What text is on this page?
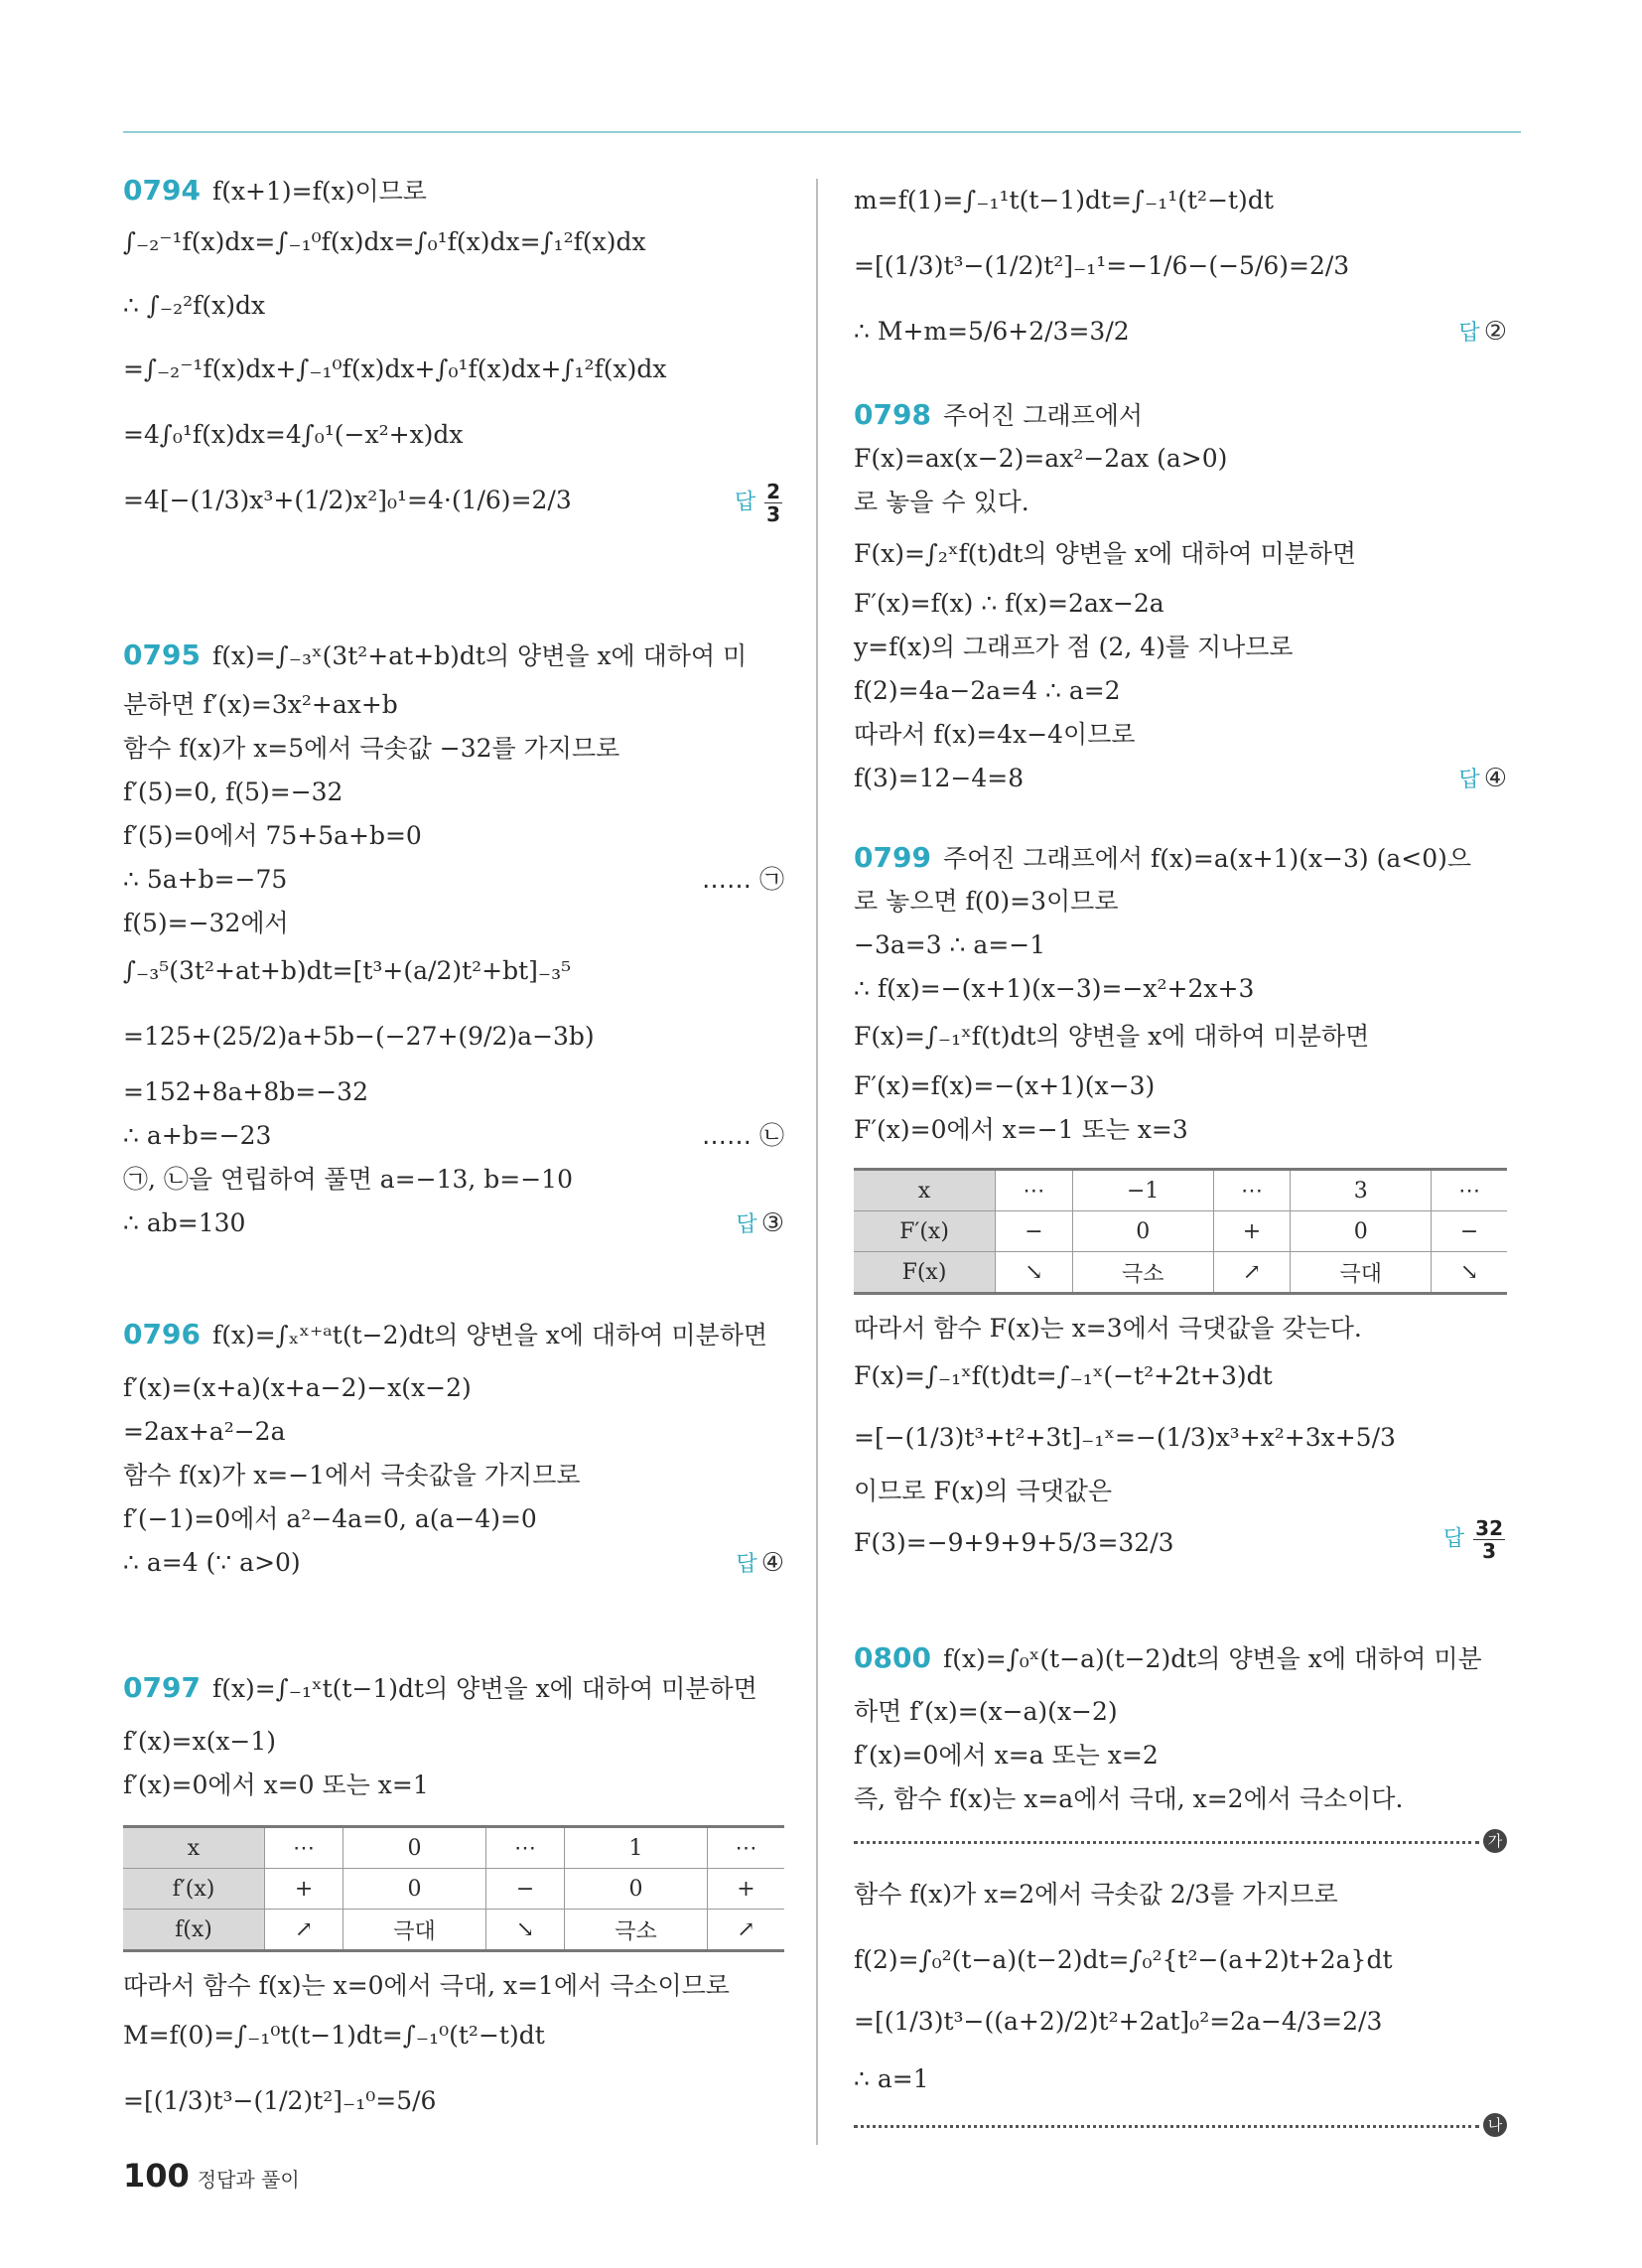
0794 f(x+1)=f(x)이므로
∫₋₂⁻¹f(x)dx=∫₋₁⁰f(x)dx=∫₀¹f(x)dx=∫₁²f(x)dx
∴ ∫₋₂²f(x)dx
=∫₋₂⁻¹f(x)dx+∫₋₁⁰f(x)dx+∫₀¹f(x)dx+∫₁²f(x)dx
=4∫₀¹f(x)dx=4∫₀¹(−x²+x)dx
=4[−(1/3)x³+(1/2)x²]₀¹=4·(1/6)=2/3	답 $\frac{2}{3}$
0795 f(x)=∫₋₃ˣ(3t²+at+b)dt의 양변을 x에 대하여 미
분하면 f′(x)=3x²+ax+b
함수 f(x)가 x=5에서 극솟값 −32를 가지므로
f′(5)=0, f(5)=−32
f′(5)=0에서 75+5a+b=0
∴ 5a+b=−75	…… ㉠
f(5)=−32에서
∫₋₃⁵(3t²+at+b)dt=[t³+(a/2)t²+bt]₋₃⁵
=125+(25/2)a+5b−(−27+(9/2)a−3b)
=152+8a+8b=−32
∴ a+b=−23	…… ㉡
㉠, ㉡을 연립하여 풀면 a=−13, b=−10
∴ ab=130	답 ③
0796 f(x)=∫ₓˣ⁺ᵃt(t−2)dt의 양변을 x에 대하여 미분하면
f′(x)=(x+a)(x+a−2)−x(x−2)
=2ax+a²−2a
함수 f(x)가 x=−1에서 극솟값을 가지므로
f′(−1)=0에서 a²−4a=0, a(a−4)=0
∴ a=4 (∵ a>0)	답 ④
0797 f(x)=∫₋₁ˣt(t−1)dt의 양변을 x에 대하여 미분하면
f′(x)=x(x−1)
f′(x)=0에서 x=0 또는 x=1
x	⋯	0	⋯	1	⋯
f′(x)	+	0	−	0	+
f(x)	↗	극대	↘	극소	↗
따라서 함수 f(x)는 x=0에서 극대, x=1에서 극소이므로
M=f(0)=∫₋₁⁰t(t−1)dt=∫₋₁⁰(t²−t)dt
=[(1/3)t³−(1/2)t²]₋₁⁰=5/6
m=f(1)=∫₋₁¹t(t−1)dt=∫₋₁¹(t²−t)dt
=[(1/3)t³−(1/2)t²]₋₁¹=−1/6−(−5/6)=2/3
∴ M+m=5/6+2/3=3/2	답 ②
0798 주어진 그래프에서
F(x)=ax(x−2)=ax²−2ax (a>0)
로 놓을 수 있다.
F(x)=∫₂ˣf(t)dt의 양변을 x에 대하여 미분하면
F′(x)=f(x) ∴ f(x)=2ax−2a
y=f(x)의 그래프가 점 (2, 4)를 지나므로
f(2)=4a−2a=4 ∴ a=2
따라서 f(x)=4x−4이므로
f(3)=12−4=8	답 ④
0799 주어진 그래프에서 f(x)=a(x+1)(x−3) (a<0)으
로 놓으면 f(0)=3이므로
−3a=3 ∴ a=−1
∴ f(x)=−(x+1)(x−3)=−x²+2x+3
F(x)=∫₋₁ˣf(t)dt의 양변을 x에 대하여 미분하면
F′(x)=f(x)=−(x+1)(x−3)
F′(x)=0에서 x=−1 또는 x=3
x	⋯	−1	⋯	3	⋯
F′(x)	−	0	+	0	−
F(x)	↘	극소	↗	극대	↘
따라서 함수 F(x)는 x=3에서 극댓값을 갖는다.
F(x)=∫₋₁ˣf(t)dt=∫₋₁ˣ(−t²+2t+3)dt
=[−(1/3)t³+t²+3t]₋₁ˣ=−(1/3)x³+x²+3x+5/3
이므로 F(x)의 극댓값은
F(3)=−9+9+9+5/3=32/3	답 $\frac{32}{3}$
0800 f(x)=∫₀ˣ(t−a)(t−2)dt의 양변을 x에 대하여 미분
하면 f′(x)=(x−a)(x−2)
f′(x)=0에서 x=a 또는 x=2
즉, 함수 f(x)는 x=a에서 극대, x=2에서 극소이다.
가
함수 f(x)가 x=2에서 극솟값 2/3를 가지므로
f(2)=∫₀²(t−a)(t−2)dt=∫₀²{t²−(a+2)t+2a}dt
=[(1/3)t³−((a+2)/2)t²+2at]₀²=2a−4/3=2/3
∴ a=1
나
100 정답과 풀이
